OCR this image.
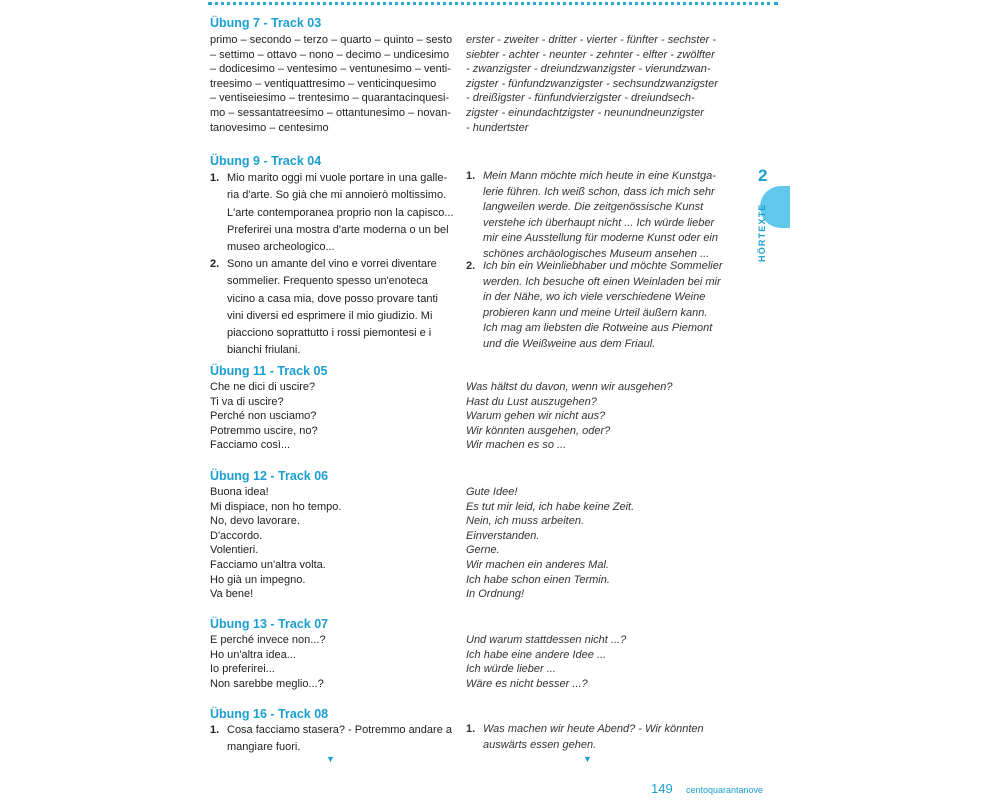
Übung 7 - Track 03
primo – secondo – terzo – quarto – quinto – sesto
– settimo – ottavo – nono – decimo – undicesimo
– dodicesimo – ventesimo – ventunesimo – venti-
treesimo – ventiquattresimo – venticinquesimo
– ventiseiesimo – trentesimo – quarantacinquesi-
mo – sessantatreesimo – ottantunesimo – novan-
tanovesimo – centesimo
erster - zweiter - dritter - vierter - fünfter - sechster -
siebter - achter - neunter - zehnter - elfter - zwölfter
- zwanzigster - dreiundzwanzigster - vierundzwan-
zigster - fünfundzwanzigster - sechsundzwanzigster
- dreißigster - fünfundvierzigster - dreiundsech-
zigster - einundachtzigster - neunundneunzigster
- hundertster
Übung 9 - Track 04
1. Mio marito oggi mi vuole portare in una galle-
ria d'arte. So già che mi annoierò moltissimo.
L'arte contemporanea proprio non la capisco...
Preferirei una mostra d'arte moderna o un bel
museo archeologico...
2. Sono un amante del vino e vorrei diventare
sommelier. Frequento spesso un'enoteca
vicino a casa mia, dove posso provare tanti
vini diversi ed esprimere il mio giudizio. Mi
piacciono soprattutto i rossi piemontesi e i
bianchi friulani.
1. Mein Mann möchte mich heute in eine Kunstga-
lerie führen. Ich weiß schon, dass ich mich sehr
langweilen werde. Die zeitgenössische Kunst
verstehe ich überhaupt nicht ... Ich würde lieber
mir eine Ausstellung für moderne Kunst oder ein
schönes archäologisches Museum ansehen ...
2. Ich bin ein Weinliebhaber und möchte Sommelier
werden. Ich besuche oft einen Weinladen bei mir
in der Nähe, wo ich viele verschiedene Weine
probieren kann und meine Urteil äußern kann.
Ich mag am liebsten die Rotweine aus Piemont
und die Weißweine aus dem Friaul.
Übung 11 - Track 05
Che ne dici di uscire?
Ti va di uscire?
Perché non usciamo?
Potremmo uscire, no?
Facciamo così...
Was hältst du davon, wenn wir ausgehen?
Hast du Lust auszugehen?
Warum gehen wir nicht aus?
Wir könnten ausgehen, oder?
Wir machen es so ...
Übung 12 - Track 06
Buona idea!
Mi dispiace, non ho tempo.
No, devo lavorare.
D'accordo.
Volentieri.
Facciamo un'altra volta.
Ho già un impegno.
Va bene!
Gute Idee!
Es tut mir leid, ich habe keine Zeit.
Nein, ich muss arbeiten.
Einverstanden.
Gerne.
Wir machen ein anderes Mal.
Ich habe schon einen Termin.
In Ordnung!
Übung 13 - Track 07
E perché invece non...?
Ho un'altra idea...
Io preferirei...
Non sarebbe meglio...?
Und warum stattdessen nicht ...?
Ich habe eine andere Idee ...
Ich würde lieber ...
Wäre es nicht besser ...?
Übung 16 - Track 08
1. Cosa facciamo stasera? - Potremmo andare a
mangiare fuori.
1. Was machen wir heute Abend? - Wir könnten
auswärts essen gehen.
▼	▼
2
HÖRTEXTE
149 centoquarantanove
